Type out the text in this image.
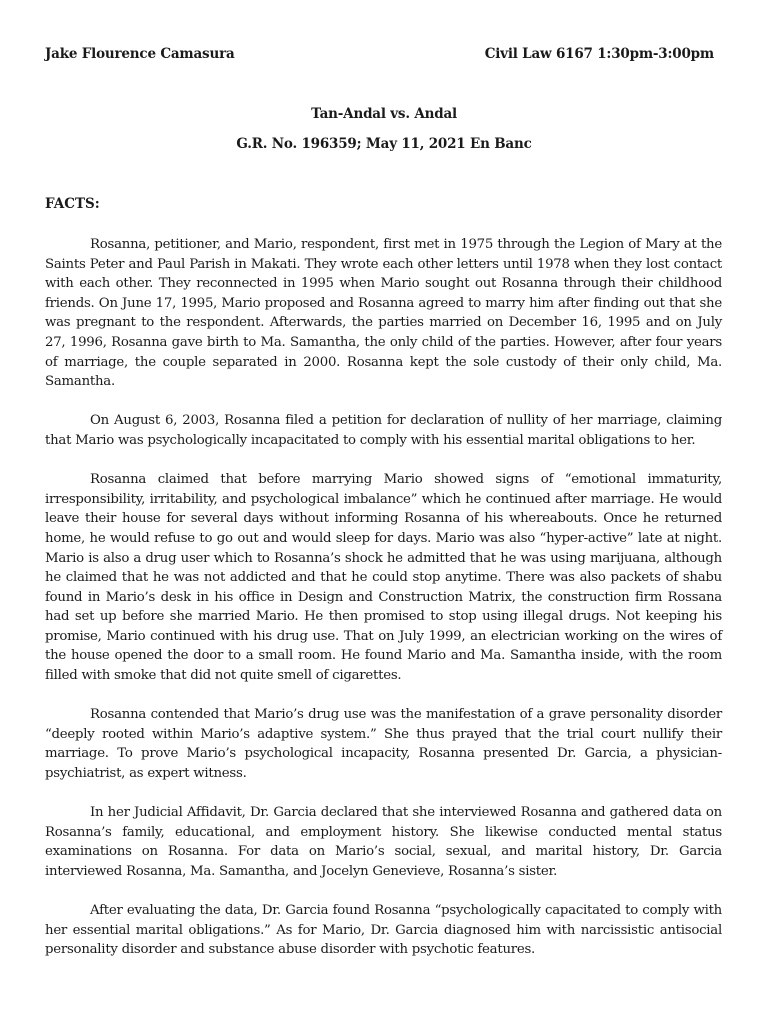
Jake Flourence Camasura	Civil Law 6167 1:30pm-3:00pm
Tan-Andal vs. Andal
G.R. No. 196359; May 11, 2021 En Banc
FACTS:

Rosanna, petitioner, and Mario, respondent, first met in 1975 through the Legion of Mary at the Saints Peter and Paul Parish in Makati. They wrote each other letters until 1978 when they lost contact with each other. They reconnected in 1995 when Mario sought out Rosanna through their childhood friends. On June 17, 1995, Mario proposed and Rosanna agreed to marry him after finding out that she was pregnant to the respondent. Afterwards, the parties married on December 16, 1995 and on July 27, 1996, Rosanna gave birth to Ma. Samantha, the only child of the parties. However, after four years of marriage, the couple separated in 2000. Rosanna kept the sole custody of their only child, Ma. Samantha.

On August 6, 2003, Rosanna filed a petition for declaration of nullity of her marriage, claiming that Mario was psychologically incapacitated to comply with his essential marital obligations to her.

Rosanna claimed that before marrying Mario showed signs of “emotional immaturity, irresponsibility, irritability, and psychological imbalance” which he continued after marriage. He would leave their house for several days without informing Rosanna of his whereabouts. Once he returned home, he would refuse to go out and would sleep for days. Mario was also “hyper-active” late at night. Mario is also a drug user which to Rosanna’s shock he admitted that he was using marijuana, although he claimed that he was not addicted and that he could stop anytime. There was also packets of shabu found in Mario’s desk in his office in Design and Construction Matrix, the construction firm Rossana had set up before she married Mario. He then promised to stop using illegal drugs. Not keeping his promise, Mario continued with his drug use. That on July 1999, an electrician working on the wires of the house opened the door to a small room. He found Mario and Ma. Samantha inside, with the room filled with smoke that did not quite smell of cigarettes.

Rosanna contended that Mario’s drug use was the manifestation of a grave personality disorder “deeply rooted within Mario’s adaptive system.” She thus prayed that the trial court nullify their marriage. To prove Mario’s psychological incapacity, Rosanna presented Dr. Garcia, a physician-psychiatrist, as expert witness.

In her Judicial Affidavit, Dr. Garcia declared that she interviewed Rosanna and gathered data on Rosanna’s family, educational, and employment history. She likewise conducted mental status examinations on Rosanna. For data on Mario’s social, sexual, and marital history, Dr. Garcia interviewed Rosanna, Ma. Samantha, and Jocelyn Genevieve, Rosanna’s sister.

After evaluating the data, Dr. Garcia found Rosanna “psychologically capacitated to comply with her essential marital obligations.” As for Mario, Dr. Garcia diagnosed him with narcissistic antisocial personality disorder and substance abuse disorder with psychotic features.
